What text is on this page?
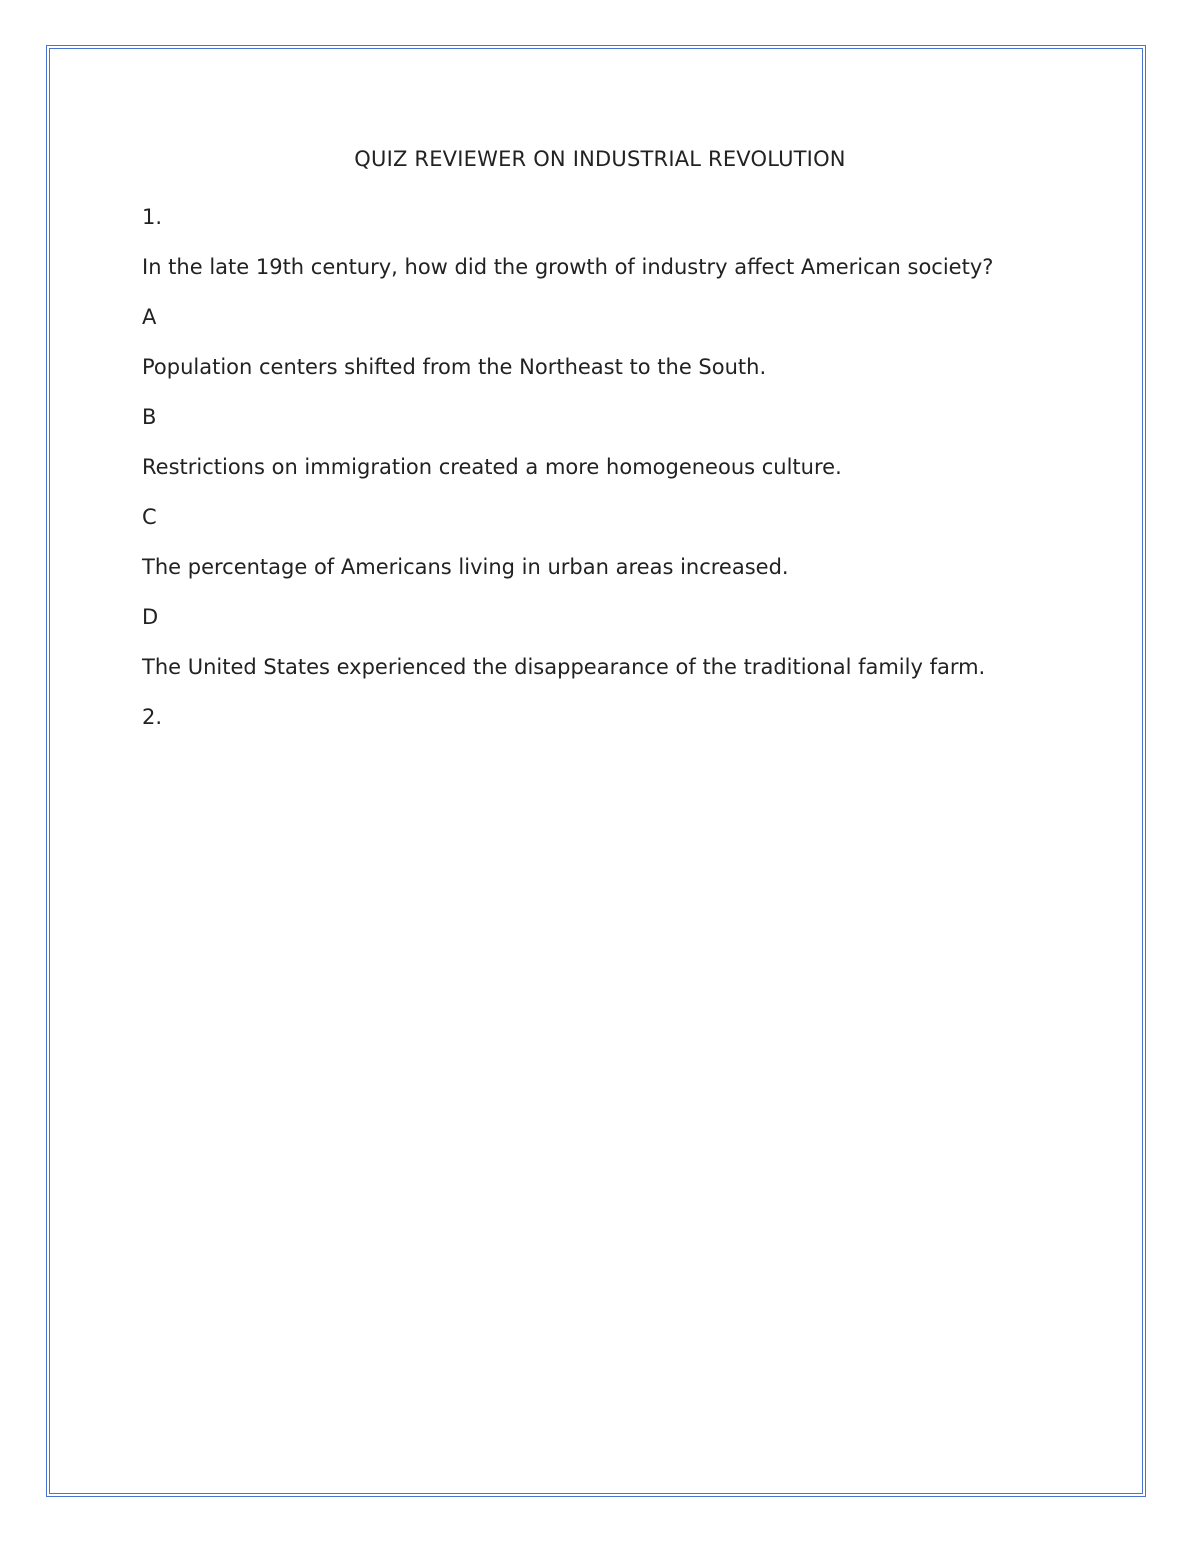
QUIZ REVIEWER ON INDUSTRIAL REVOLUTION
1.
In the late 19th century, how did the growth of industry affect American society?
A
Population centers shifted from the Northeast to the South.
B
Restrictions on immigration created a more homogeneous culture.
C
The percentage of Americans living in urban areas increased.
D
The United States experienced the disappearance of the traditional family farm.
2.
